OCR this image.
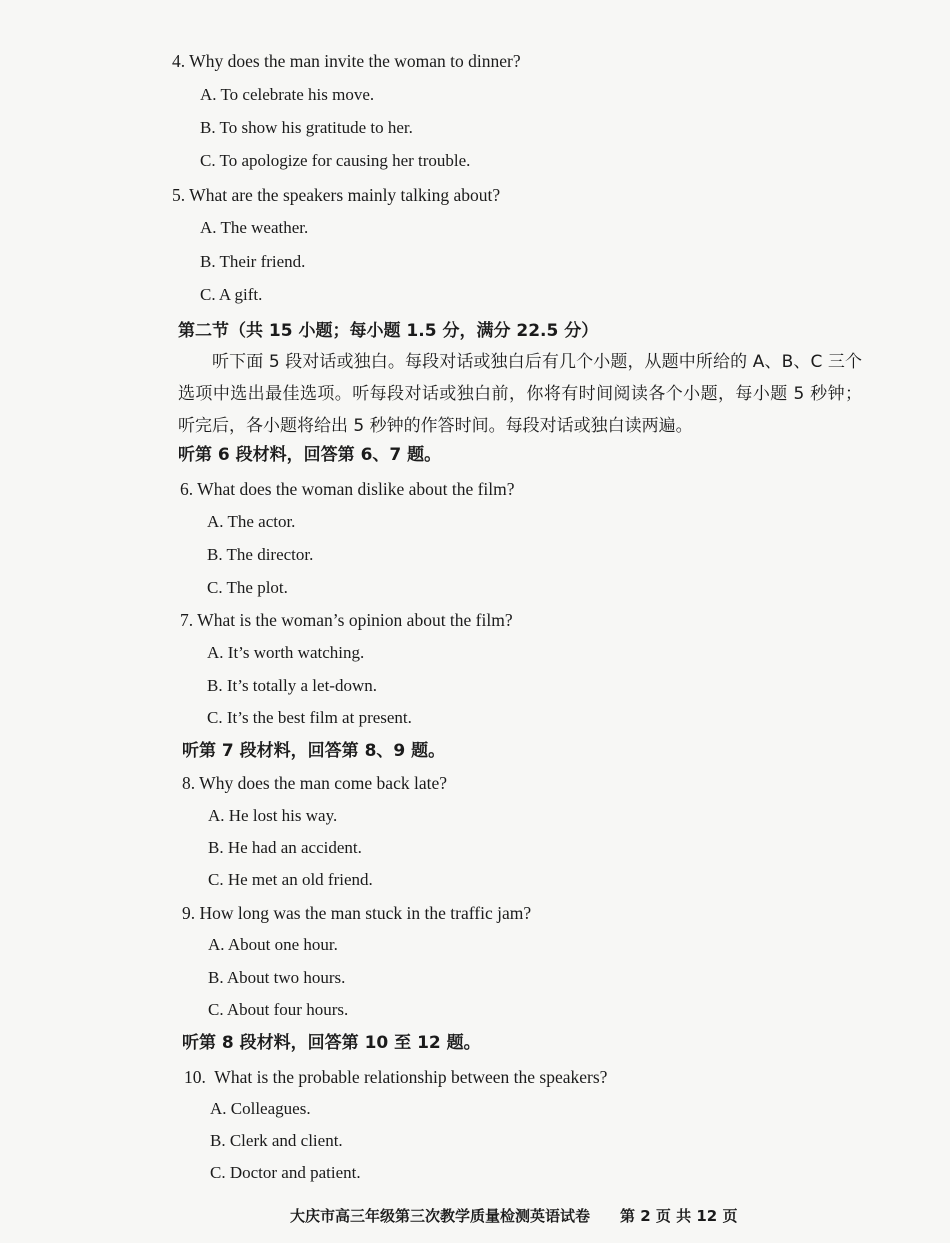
4. Why does the man invite the woman to dinner?
A. To celebrate his move.
B. To show his gratitude to her.
C. To apologize for causing her trouble.
5. What are the speakers mainly talking about?
A. The weather.
B. Their friend.
C. A gift.
第二节（共 15 小题；每小题 1.5 分，满分 22.5 分）
听下面 5 段对话或独白。每段对话或独白后有几个小题，从题中所给的 A、B、C 三个选项中选出最佳选项。听每段对话或独白前，你将有时间阅读各个小题，每小题 5 秒钟；听完后，各小题将给出 5 秒钟的作答时间。每段对话或独白读两遍。
听第 6 段材料，回答第 6、7 题。
6. What does the woman dislike about the film?
A. The actor.
B. The director.
C. The plot.
7. What is the woman’s opinion about the film?
A. It’s worth watching.
B. It’s totally a let-down.
C. It’s the best film at present.
听第 7 段材料，回答第 8、9 题。
8. Why does the man come back late?
A. He lost his way.
B. He had an accident.
C. He met an old friend.
9. How long was the man stuck in the traffic jam?
A. About one hour.
B. About two hours.
C. About four hours.
听第 8 段材料，回答第 10 至 12 题。
10.  What is the probable relationship between the speakers?
A. Colleagues.
B. Clerk and client.
C. Doctor and patient.
大庆市高三年级第三次教学质量检测英语试卷 第 2 页 共 12 页
